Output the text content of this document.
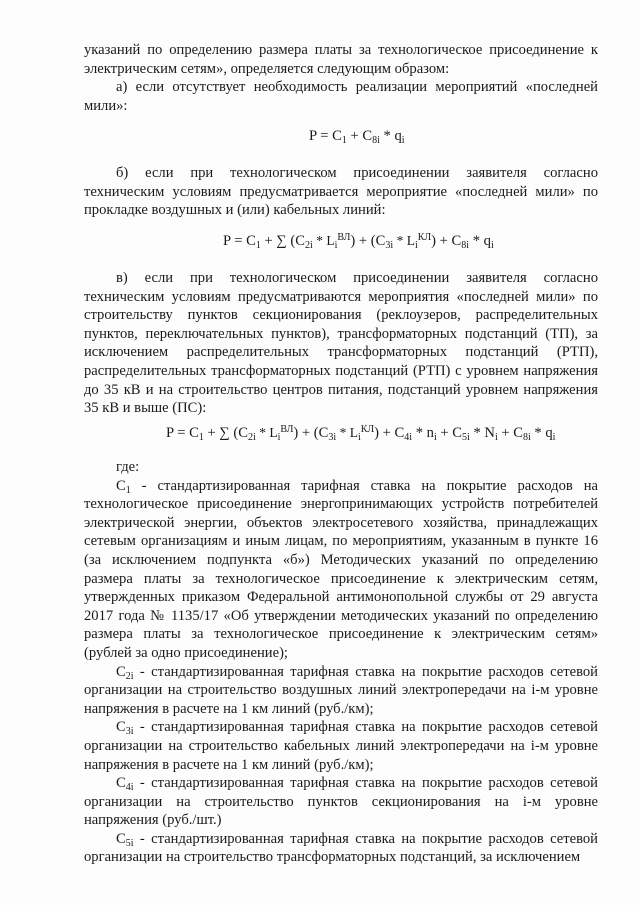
указаний по определению размера платы за технологическое присоединение к электрическим сетям», определяется следующим образом:

а) если отсутствует необходимость реализации мероприятий «последней мили»:

$P = C_1 + C_{8i} * q_i$

б) если при технологическом присоединении заявителя согласно техническим условиям предусматривается мероприятие «последней мили» по прокладке воздушных и (или) кабельных линий:

$P = C_1$ + ∑ $(C_{2i} * L_i^{ВЛ}) + (C_{3i} * L_i^{КЛ}) + C_{8i} * q_i$

в) если при технологическом присоединении заявителя согласно техническим условиям предусматриваются мероприятия «последней мили» по строительству пунктов секционирования (реклоузеров, распределительных пунктов, переключательных пунктов), трансформаторных подстанций (ТП), за исключением распределительных трансформаторных подстанций (РТП), распределительных трансформаторных подстанций (РТП) с уровнем напряжения до 35 кВ и на строительство центров питания, подстанций уровнем напряжения 35 кВ и выше (ПС):

$P = C_1$ + ∑ $(C_{2i} * L_i^{ВЛ}) + (C_{3i} * L_i^{КЛ}) + C_{4i} * n_i + C_{5i} * N_i + C_{8i} * q_i$

где:

$C_1$ - стандартизированная тарифная ставка на покрытие расходов на технологическое присоединение энергопринимающих устройств потребителей электрической энергии, объектов электросетевого хозяйства, принадлежащих сетевым организациям и иным лицам, по мероприятиям, указанным в пункте 16 (за исключением подпункта «б») Методических указаний по определению размера платы за технологическое присоединение к электрическим сетям, утвержденных приказом Федеральной антимонопольной службы от 29 августа 2017 года № 1135/17 «Об утверждении методических указаний по определению размера платы за технологическое присоединение к электрическим сетям» (рублей за одно присоединение);

$C_{2i}$ - стандартизированная тарифная ставка на покрытие расходов сетевой организации на строительство воздушных линий электропередачи на i-м уровне напряжения в расчете на 1 км линий (руб./км);

$C_{3i}$ - стандартизированная тарифная ставка на покрытие расходов сетевой организации на строительство кабельных линий электропередачи на i-м уровне напряжения в расчете на 1 км линий (руб./км);

$C_{4i}$ - стандартизированная тарифная ставка на покрытие расходов сетевой организации на строительство пунктов секционирования на i-м уровне напряжения (руб./шт.)

$C_{5i}$ - стандартизированная тарифная ставка на покрытие расходов сетевой организации на строительство трансформаторных подстанций, за исключением
